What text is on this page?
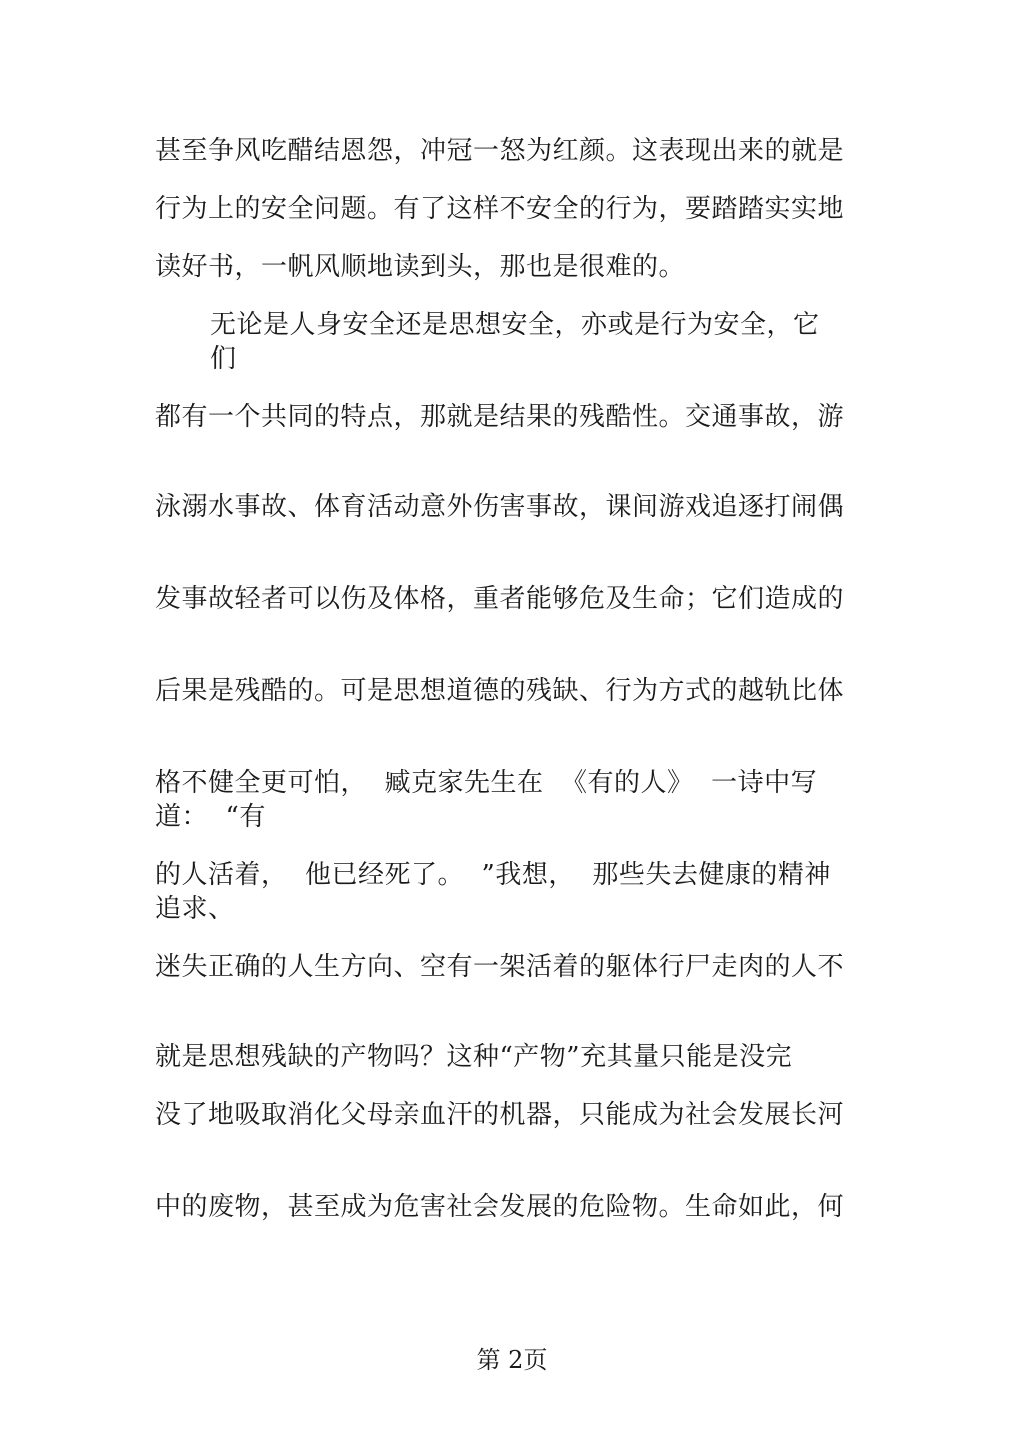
甚至争风吃醋结恩怨，冲冠一怒为红颜。这表现出来的就是
行为上的安全问题。有了这样不安全的行为，要踏踏实实地
读好书，一帆风顺地读到头，那也是很难的。
无论是人身安全还是思想安全，亦或是行为安全，它们
都有一个共同的特点，那就是结果的残酷性。交通事故，游
泳溺水事故、体育活动意外伤害事故，课间游戏追逐打闹偶
发事故轻者可以伤及体格，重者能够危及生命；它们造成的
后果是残酷的。可是思想道德的残缺、行为方式的越轨比体
格不健全更可怕，  臧克家先生在  《有的人》  一诗中写道：  “有
的人活着，  他已经死了。  ”我想，  那些失去健康的精神追求、
迷失正确的人生方向、空有一架活着的躯体行尸走肉的人不
就是思想残缺的产物吗？这种“产物”充其量只能是没完
没了地吸取消化父母亲血汗的机器，只能成为社会发展长河
中的废物，甚至成为危害社会发展的危险物。生命如此，何
第 2页
